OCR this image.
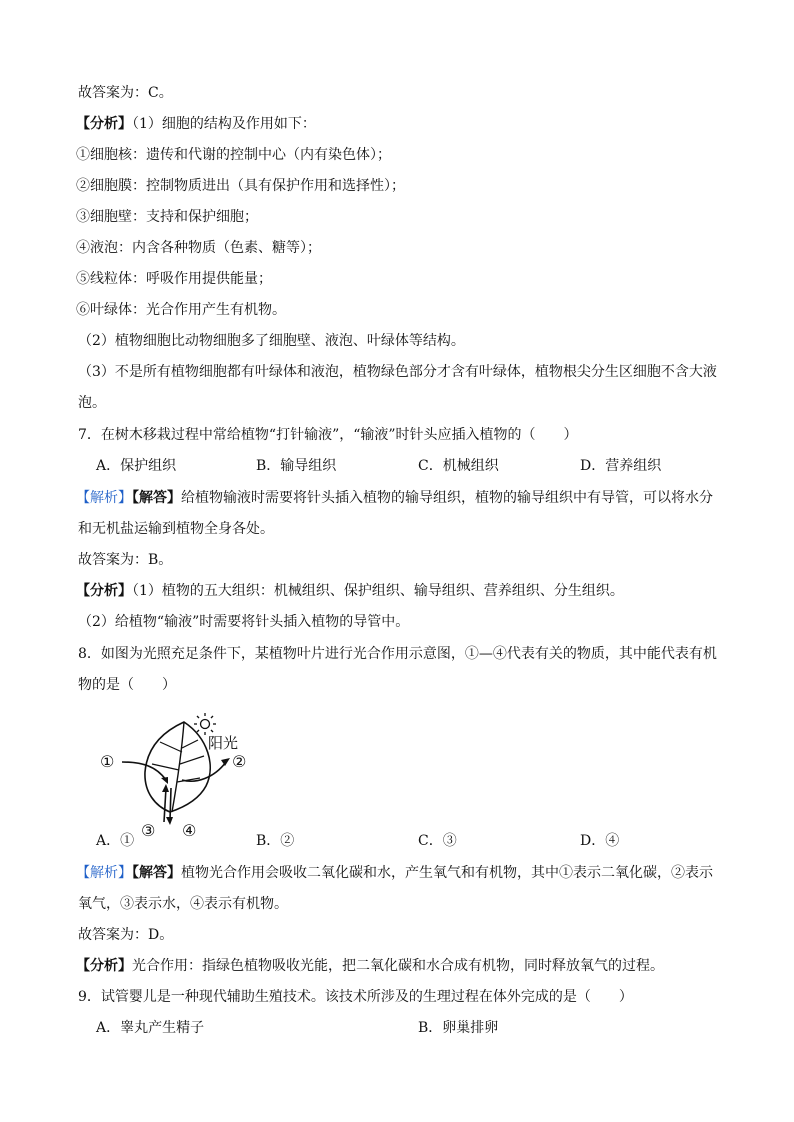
故答案为：C。
【分析】（1）细胞的结构及作用如下：
①细胞核：遗传和代谢的控制中心（内有染色体）；
②细胞膜：控制物质进出（具有保护作用和选择性）；
③细胞壁：支持和保护细胞；
④液泡：内含各种物质（色素、糖等）；
⑤线粒体：呼吸作用提供能量；
⑥叶绿体：光合作用产生有机物。
（2）植物细胞比动物细胞多了细胞壁、液泡、叶绿体等结构。
（3）不是所有植物细胞都有叶绿体和液泡，植物绿色部分才含有叶绿体，植物根尖分生区细胞不含大液
泡。
7．在树木移栽过程中常给植物“打针输液”，“输液”时针头应插入植物的（　　）
A．保护组织	B．输导组织	C．机械组织	D．营养组织
【解析】【解答】给植物输液时需要将针头插入植物的输导组织，植物的输导组织中有导管，可以将水分
和无机盐运输到植物全身各处。
故答案为：B。
【分析】（1）植物的五大组织：机械组织、保护组织、输导组织、营养组织、分生组织。
（2）给植物“输液”时需要将针头插入植物的导管中。
8．如图为光照充足条件下，某植物叶片进行光合作用示意图，①—④代表有关的物质，其中能代表有机
物的是（　　）
阳光
①	②
③ ④
A．①	B．②	C．③	D．④
【解析】【解答】植物光合作用会吸收二氧化碳和水，产生氧气和有机物，其中①表示二氧化碳，②表示
氧气，③表示水，④表示有机物。
故答案为：D。
【分析】光合作用：指绿色植物吸收光能，把二氧化碳和水合成有机物，同时释放氧气的过程。
9．试管婴儿是一种现代辅助生殖技术。该技术所涉及的生理过程在体外完成的是（　　）
A．睾丸产生精子	B．卵巢排卵
